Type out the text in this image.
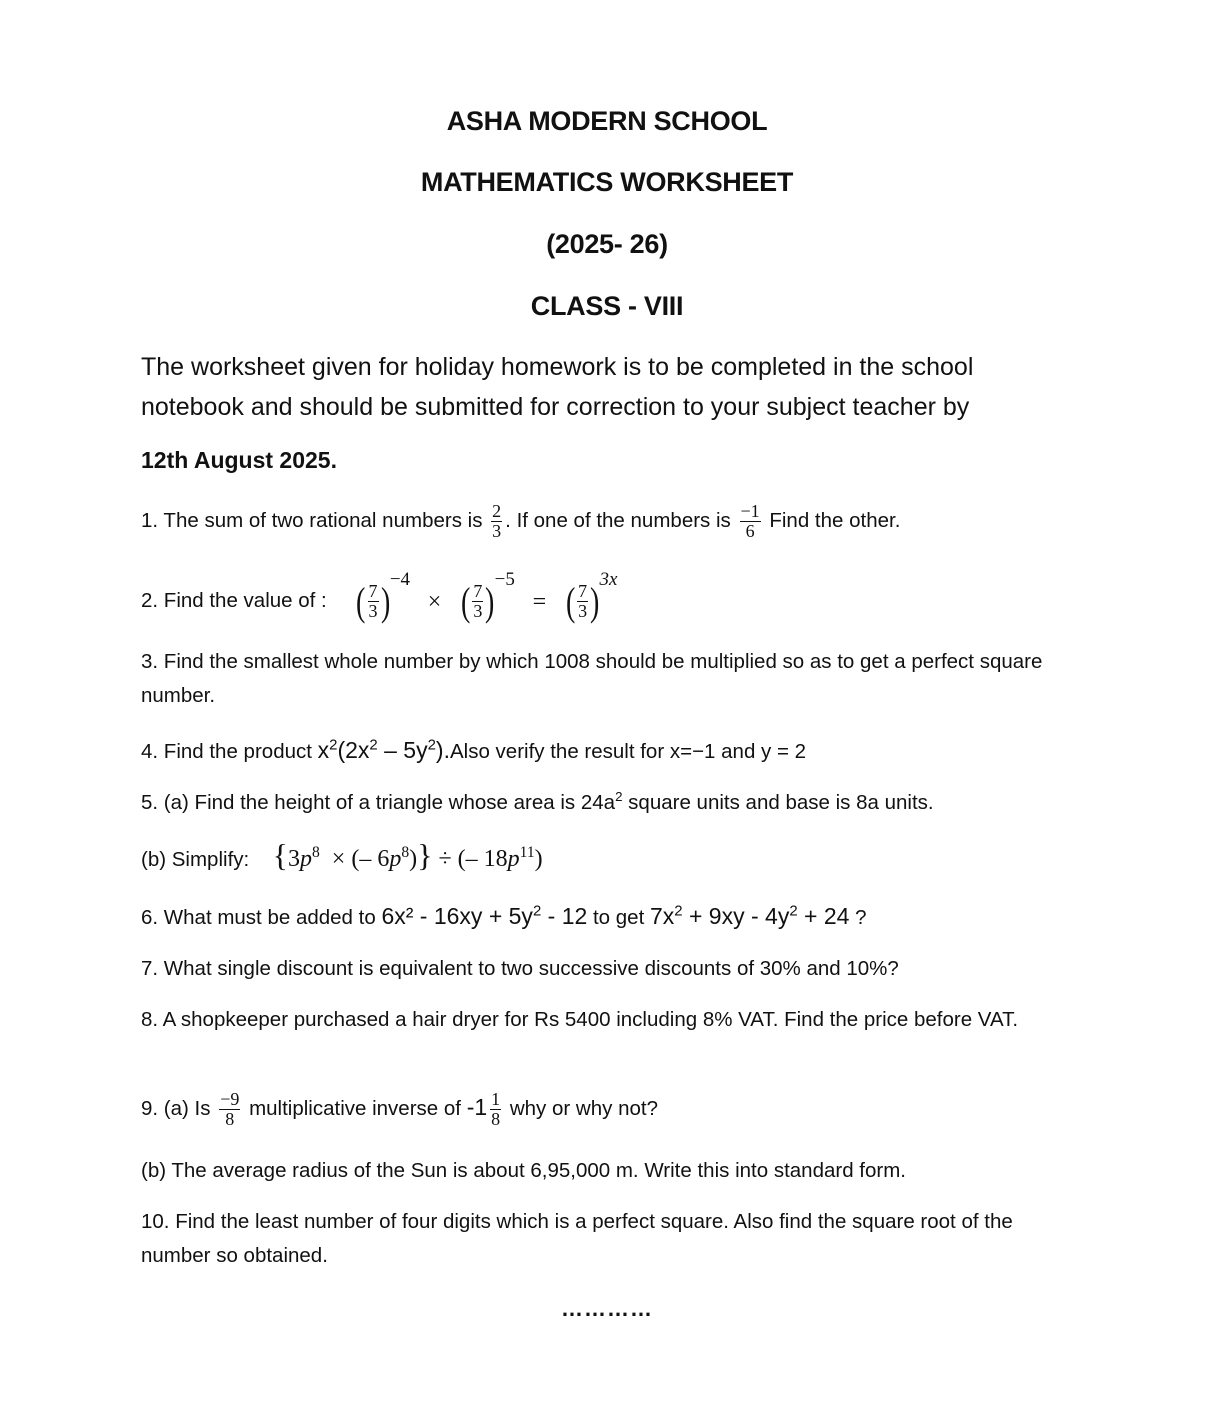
ASHA MODERN SCHOOL
MATHEMATICS WORKSHEET
(2025- 26)
CLASS - VIII
The worksheet given for holiday homework is to be completed in the school
notebook and should be submitted for correction to your subject teacher by
12th August 2025.
1. The sum of two rational numbers is $\frac{2}{3}$ . If one of the numbers is $\frac{-1}{6}$ Find the other.
2. Find the value of : ( $\frac{7}{3} )-4$ × ( $\frac{7}{3} )-5$ = ( $\frac{7}{3} )3x$
3. Find the smallest whole number by which 1008 should be multiplied so as to get a perfect square number.
4. Find the product $x^2(2x^2$ – $5y^2).Also$ verify the result for x=−1 and y = 2
5. (a) Find the height of a triangle whose area is $24a^2$ square units and base is 8a units.
(b) Simplify: {$3p^8$ × (– $6p^8$)} ÷ (– $18p^{11}$)
6. What must be added to $6x^2 - 16xy + 5y^2 - 12$ to get $7x^2 + 9xy - 4y^2 + 24$ ?
7. What single discount is equivalent to two successive discounts of 30% and 10%?
8. A shopkeeper purchased a hair dryer for Rs 5400 including 8% VAT. Find the price before VAT.
9. (a) Is $\frac{-9}{8}$ multiplicative inverse of $-1 \frac{1}{8}$ why or why not?
(b) The average radius of the Sun is about 6,95,000 m. Write this into standard form.
10. Find the least number of four digits which is a perfect square. Also find the square root of the number so obtained.
…………
